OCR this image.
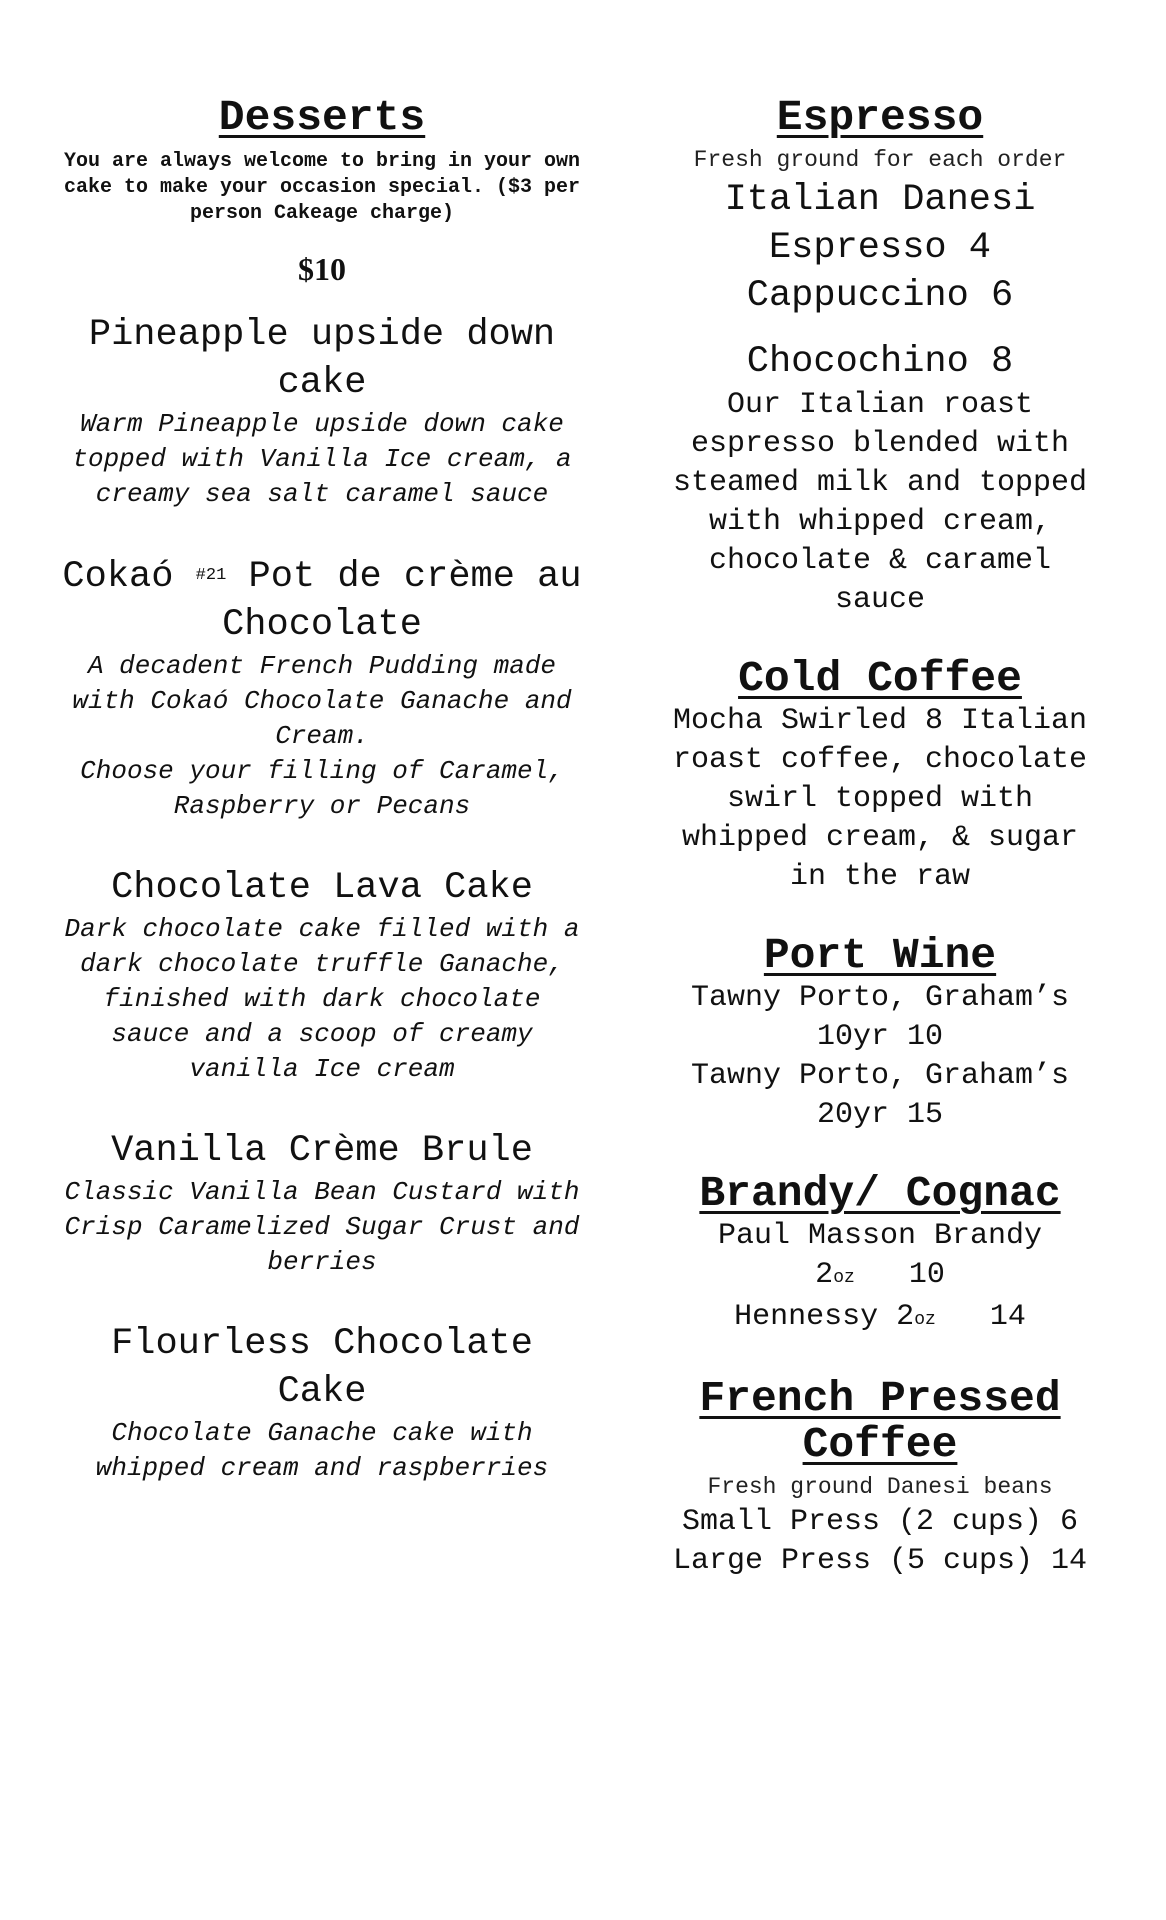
Desserts

You are always welcome to bring in your own cake to make your occasion special. ($3 per person Cakeage charge)

$10

Pineapple upside down cake

Warm Pineapple upside down cake topped with Vanilla Ice cream, a creamy sea salt caramel sauce

Cokaó #21 Pot de crème au Chocolate

A decadent French Pudding made with Cokaó Chocolate Ganache and Cream.

Choose your filling of Caramel, Raspberry or Pecans

Chocolate Lava Cake

Dark chocolate cake filled with a dark chocolate truffle Ganache, finished with dark chocolate sauce and a scoop of creamy vanilla Ice cream

Vanilla Crème Brule

Classic Vanilla Bean Custard with Crisp Caramelized Sugar Crust and berries

Flourless Chocolate Cake

Chocolate Ganache cake with whipped cream and raspberries

Espresso

Fresh ground for each order

Italian Danesi

Espresso 4

Cappuccino 6

Chocochino 8

Our Italian roast espresso blended with steamed milk and topped with whipped cream, chocolate & caramel sauce

Cold Coffee

Mocha Swirled 8 Italian roast coffee, chocolate swirl topped with whipped cream, & sugar in the raw

Port Wine

Tawny Porto, Graham’s 10yr 10

Tawny Porto, Graham’s 20yr 15

Brandy/ Cognac

Paul Masson Brandy
2oz 10

Hennessy 2oz 14

French Pressed Coffee

Fresh ground Danesi beans

Small Press (2 cups) 6

Large Press (5 cups) 14
